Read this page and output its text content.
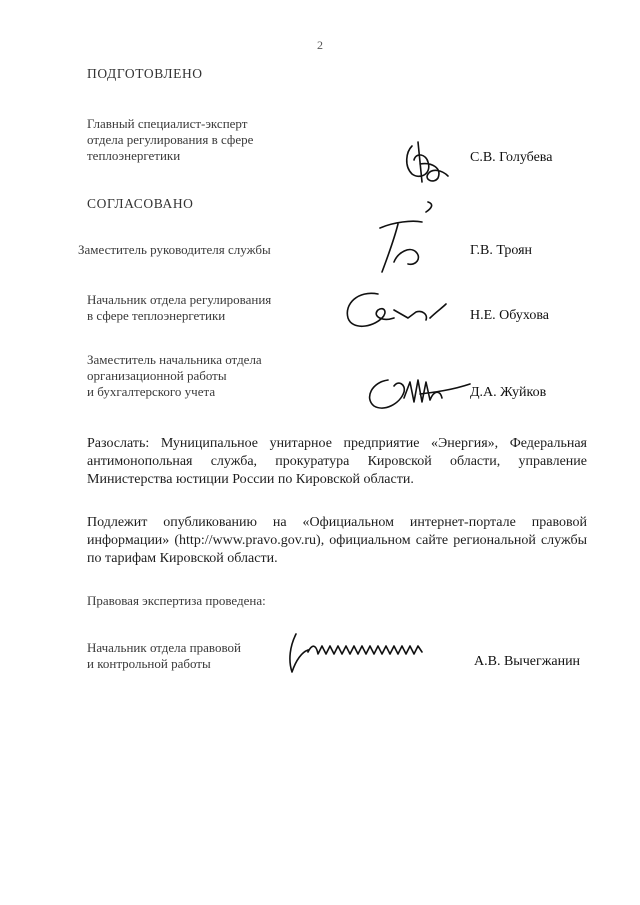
2
ПОДГОТОВЛЕНО
Главный специалист-эксперт
отдела регулирования в сфере
теплоэнергетики	С.В. Голубева
СОГЛАСОВАНО
Заместитель руководителя службы	Г.В. Троян
Начальник отдела регулирования
в сфере теплоэнергетики	Н.Е. Обухова
Заместитель начальника отдела
организационной работы
и бухгалтерского учета	Д.А. Жуйков
Разослать: Муниципальное унитарное предприятие «Энергия», Федеральная антимонопольная служба, прокуратура Кировской области, управление Министерства юстиции России по Кировской области.
Подлежит опубликованию на «Официальном интернет-портале правовой информации» (http://www.pravo.gov.ru), официальном сайте региональной службы по тарифам Кировской области.
Правовая экспертиза проведена:
Начальник отдела правовой
и контрольной работы	А.В. Вычегжанин
